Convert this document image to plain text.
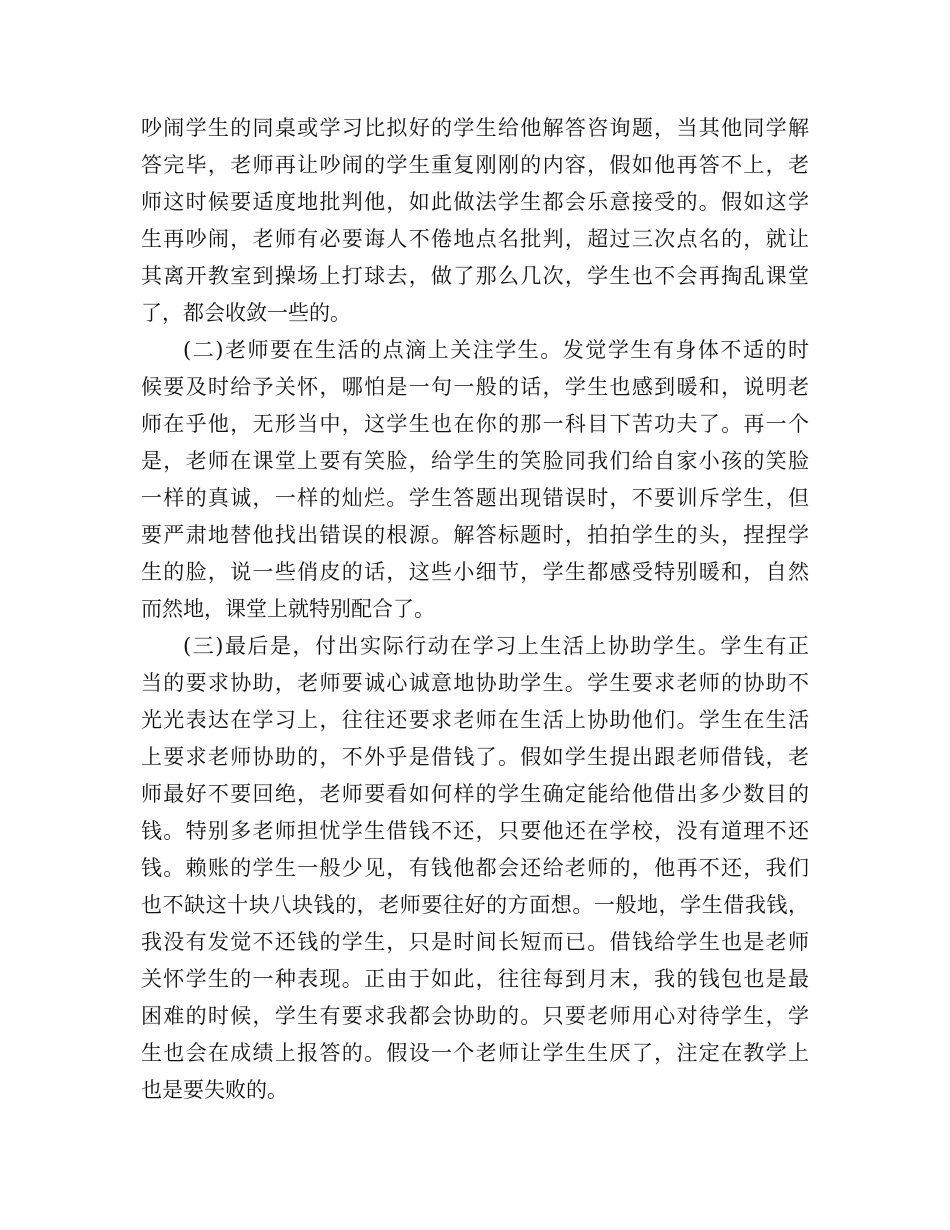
吵闹学生的同桌或学习比拟好的学生给他解答咨询题，当其他同学解
答完毕，老师再让吵闹的学生重复刚刚的内容，假如他再答不上，老
师这时候要适度地批判他，如此做法学生都会乐意接受的。假如这学
生再吵闹，老师有必要诲人不倦地点名批判，超过三次点名的，就让
其离开教室到操场上打球去，做了那么几次，学生也不会再掏乱课堂
了，都会收敛一些的。
(二)老师要在生活的点滴上关注学生。发觉学生有身体不适的时
候要及时给予关怀，哪怕是一句一般的话，学生也感到暖和，说明老
师在乎他，无形当中，这学生也在你的那一科目下苦功夫了。再一个
是，老师在课堂上要有笑脸，给学生的笑脸同我们给自家小孩的笑脸
一样的真诚，一样的灿烂。学生答题出现错误时，不要训斥学生，但
要严肃地替他找出错误的根源。解答标题时，拍拍学生的头，捏捏学
生的脸，说一些俏皮的话，这些小细节，学生都感受特别暖和，自然
而然地，课堂上就特别配合了。
(三)最后是，付出实际行动在学习上生活上协助学生。学生有正
当的要求协助，老师要诚心诚意地协助学生。学生要求老师的协助不
光光表达在学习上，往往还要求老师在生活上协助他们。学生在生活
上要求老师协助的，不外乎是借钱了。假如学生提出跟老师借钱，老
师最好不要回绝，老师要看如何样的学生确定能给他借出多少数目的
钱。特别多老师担忧学生借钱不还，只要他还在学校，没有道理不还
钱。赖账的学生一般少见，有钱他都会还给老师的，他再不还，我们
也不缺这十块八块钱的，老师要往好的方面想。一般地，学生借我钱，
我没有发觉不还钱的学生，只是时间长短而已。借钱给学生也是老师
关怀学生的一种表现。正由于如此，往往每到月末，我的钱包也是最
困难的时候，学生有要求我都会协助的。只要老师用心对待学生，学
生也会在成绩上报答的。假设一个老师让学生生厌了，注定在教学上
也是要失败的。
